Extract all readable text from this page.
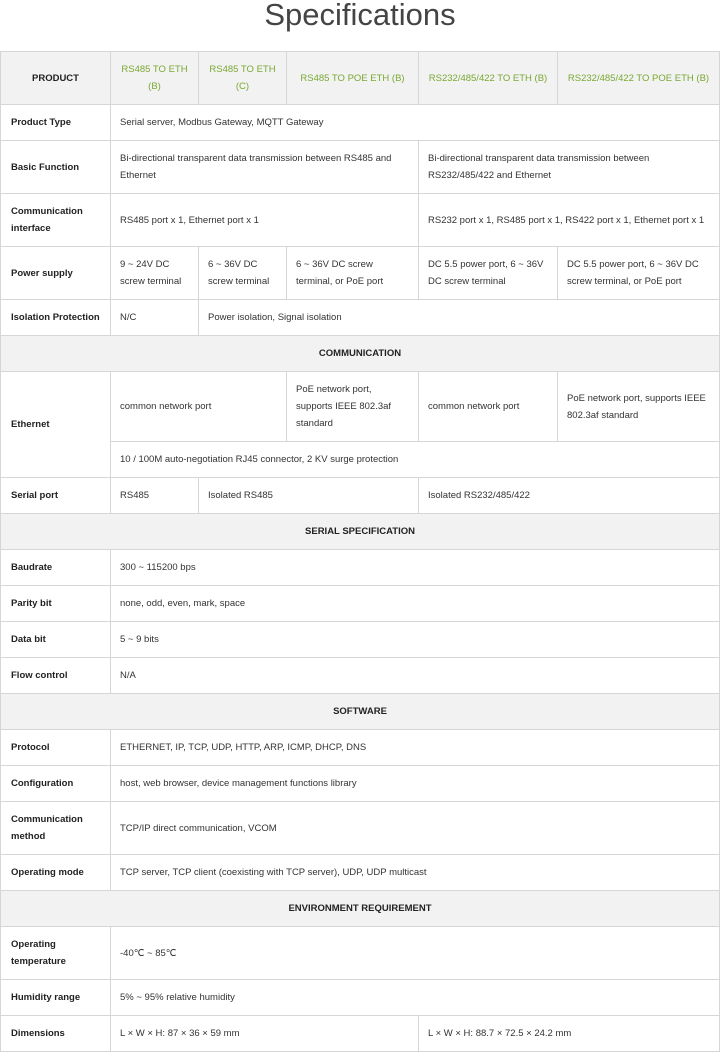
Specifications
PRODUCT	RS485 TO ETH (B)	RS485 TO ETH (C)	RS485 TO POE ETH (B)	RS232/485/422 TO ETH (B)	RS232/485/422 TO POE ETH (B)
Product Type	Serial server, Modbus Gateway, MQTT Gateway				
Basic Function	Bi-directional transparent data transmission between RS485 and Ethernet			Bi-directional transparent data transmission between RS232/485/422 and Ethernet	
Communication interface	RS485 port x 1, Ethernet port x 1			RS232 port x 1, RS485 port x 1, RS422 port x 1, Ethernet port x 1	
Power supply	9 ~ 24V DC screw terminal	6 ~ 36V DC screw terminal	6 ~ 36V DC screw terminal, or PoE port	DC 5.5 power port, 6 ~ 36V DC screw terminal	DC 5.5 power port, 6 ~ 36V DC screw terminal, or PoE port
Isolation Protection	N/C	Power isolation, Signal isolation			
COMMUNICATION					
Ethernet	common network port		PoE network port, supports IEEE 802.3af standard	common network port	PoE network port, supports IEEE 802.3af standard
	10 / 100M auto-negotiation RJ45 connector, 2 KV surge protection				
Serial port	RS485	Isolated RS485		Isolated RS232/485/422	
SERIAL SPECIFICATION					
Baudrate	300 ~ 115200 bps				
Parity bit	none, odd, even, mark, space				
Data bit	5 ~ 9 bits				
Flow control	N/A				
SOFTWARE					
Protocol	ETHERNET, IP, TCP, UDP, HTTP, ARP, ICMP, DHCP, DNS				
Configuration	host, web browser, device management functions library				
Communication method	TCP/IP direct communication, VCOM				
Operating mode	TCP server, TCP client (coexisting with TCP server), UDP, UDP multicast				
ENVIRONMENT REQUIREMENT					
Operating temperature	-40℃ ~ 85℃				
Humidity range	5% ~ 95% relative humidity				
Dimensions	L × W × H: 87 × 36 × 59 mm			L × W × H: 88.7 × 72.5 × 24.2 mm	
